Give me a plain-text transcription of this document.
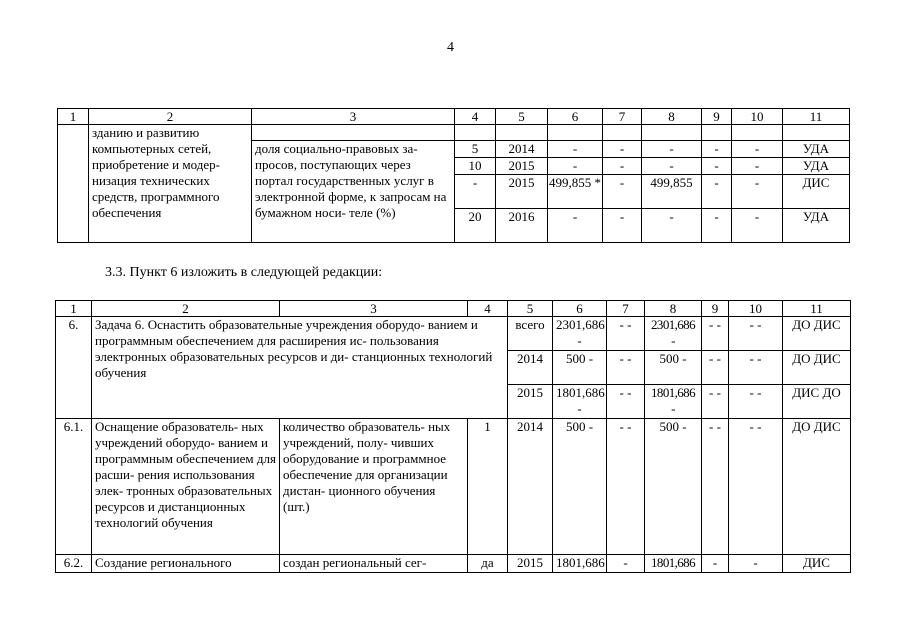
4
1	2	3	4	5	6	7	8	9	10	11
	зданию и развитию компьютерных сетей, приобретение и модер- низация технических средств, программного обеспечения									
		доля социально-правовых за- просов, поступающих через портал государственных услуг в электронной форме, к запросам на бумажном носи- теле (%)	5	2014	-	-	-	-	-	УДА
			10	2015	-	-	-	-	-	УДА
			-	2015	499,855 *	-	499,855	-	-	ДИС
			20	2016	-	-	-	-	-	УДА
3.3. Пункт 6 изложить в следующей редакции:
1	2	3	4	5	6	7	8	9	10	11
6.	Задача 6. Оснастить образовательные учреждения оборудо- ванием и программным обеспечением для расширения ис- пользования электронных образовательных ресурсов и ди- станционных технологий обучения			всего	2301,686 -	- -	2301,686 -	- -	- -	ДО ДИС
				2014	500 -	- -	500 -	- -	- -	ДО ДИС
				2015	1801,686 -	- -	1801,686 -	- -	- -	ДИС ДО
6.1.	Оснащение образователь- ных учреждений оборудо- ванием и программным обеспечением для расши- рения использования элек- тронных образовательных ресурсов и дистанционных технологий обучения	количество образователь- ных учреждений, полу- чивших оборудование и программное обеспечение для организации дистан- ционного обучения (шт.)	1	2014	500 -	- -	500 -	- -	- -	ДО ДИС
6.2.	Создание регионального	создан региональный сег-	да	2015	1801,686	-	1801,686	-	-	ДИС
